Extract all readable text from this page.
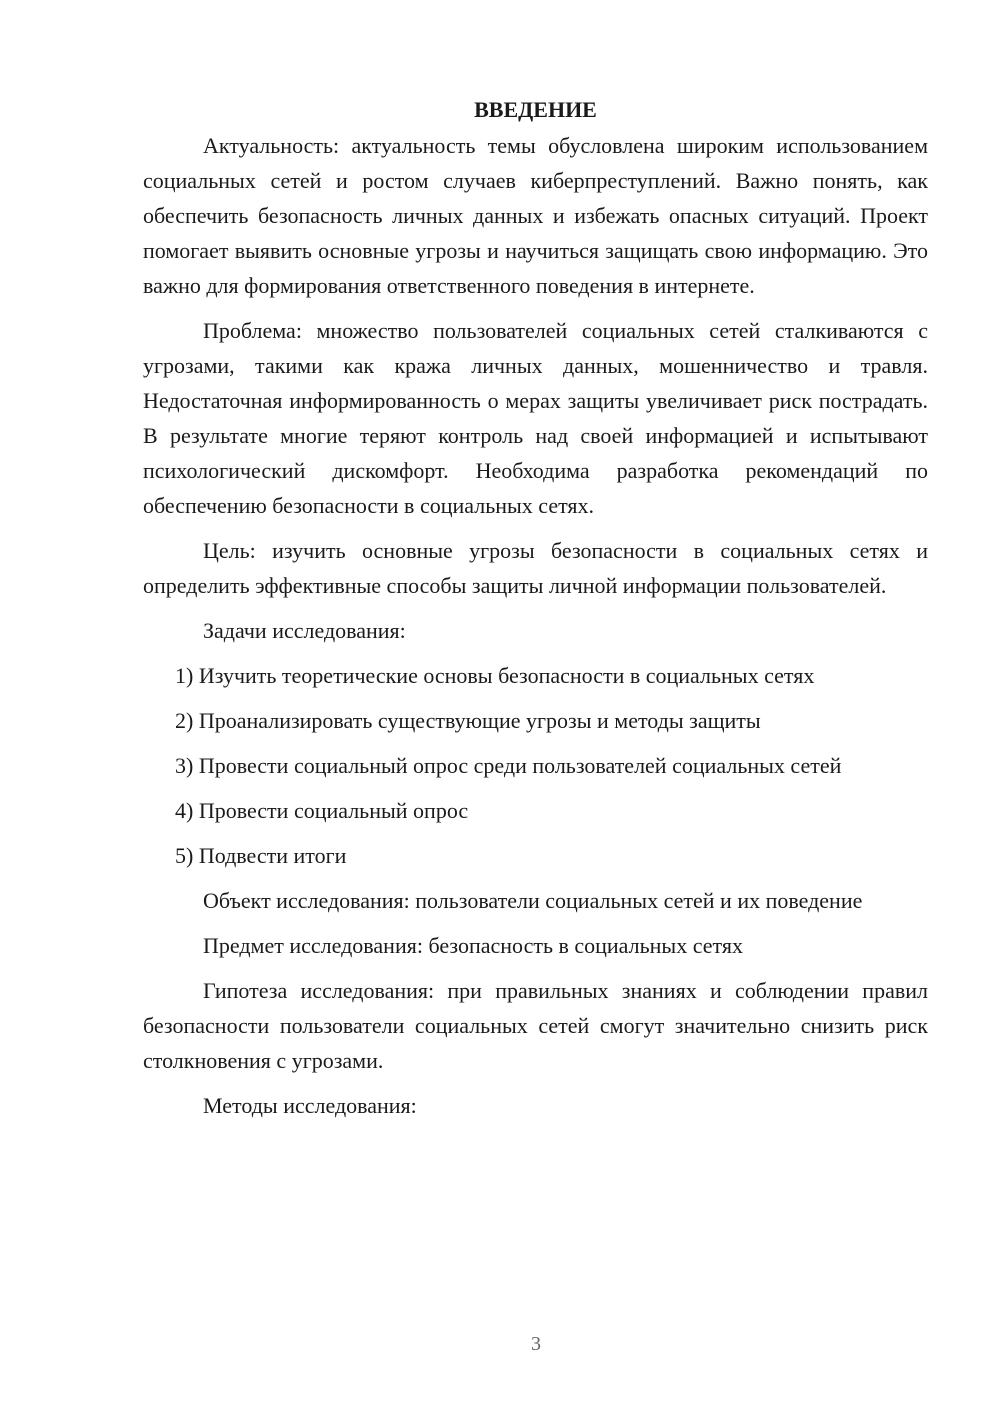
ВВЕДЕНИЕ

Актуальность: актуальность темы обусловлена широким использованием социальных сетей и ростом случаев киберпреступлений. Важно понять, как обеспечить безопасность личных данных и избежать опасных ситуаций. Проект помогает выявить основные угрозы и научиться защищать свою информацию. Это важно для формирования ответственного поведения в интернете.

Проблема: множество пользователей социальных сетей сталкиваются с угрозами, такими как кража личных данных, мошенничество и травля. Недостаточная информированность о мерах защиты увеличивает риск пострадать. В результате многие теряют контроль над своей информацией и испытывают психологический дискомфорт. Необходима разработка рекомендаций по обеспечению безопасности в социальных сетях.

Цель: изучить основные угрозы безопасности в социальных сетях и определить эффективные способы защиты личной информации пользователей.

Задачи исследования:

1) Изучить теоретические основы безопасности в социальных сетях
2) Проанализировать существующие угрозы и методы защиты
3) Провести социальный опрос среди пользователей социальных сетей
4) Провести социальный опрос
5) Подвести итоги

Объект исследования: пользователи социальных сетей и их поведение

Предмет исследования: безопасность в социальных сетях

Гипотеза исследования: при правильных знаниях и соблюдении правил безопасности пользователи социальных сетей смогут значительно снизить риск столкновения с угрозами.

Методы исследования:

3
